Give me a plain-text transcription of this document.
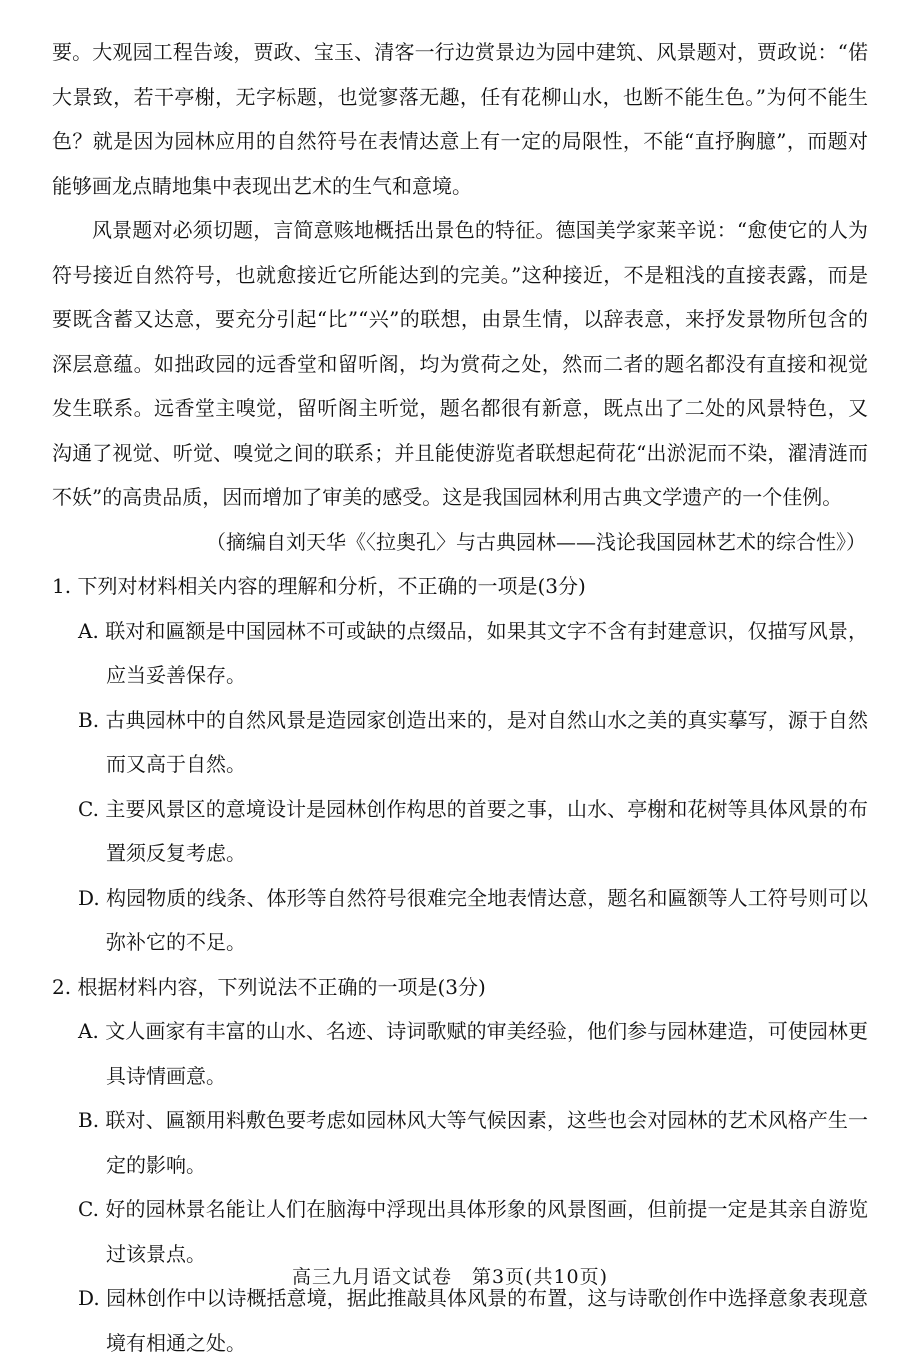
要。大观园工程告竣，贾政、宝玉、清客一行边赏景边为园中建筑、风景题对，贾政说：“偌大景致，若干亭榭，无字标题，也觉寥落无趣，任有花柳山水，也断不能生色。”为何不能生色？就是因为园林应用的自然符号在表情达意上有一定的局限性，不能“直抒胸臆”，而题对能够画龙点睛地集中表现出艺术的生气和意境。

风景题对必须切题，言简意赅地概括出景色的特征。德国美学家莱辛说：“愈使它的人为符号接近自然符号，也就愈接近它所能达到的完美。”这种接近，不是粗浅的直接表露，而是要既含蓄又达意，要充分引起“比”“兴”的联想，由景生情，以辞表意，来抒发景物所包含的深层意蕴。如拙政园的远香堂和留听阁，均为赏荷之处，然而二者的题名都没有直接和视觉发生联系。远香堂主嗅觉，留听阁主听觉，题名都很有新意，既点出了二处的风景特色，又沟通了视觉、听觉、嗅觉之间的联系；并且能使游览者联想起荷花“出淤泥而不染，濯清涟而不妖”的高贵品质，因而增加了审美的感受。这是我国园林利用古典文学遗产的一个佳例。

（摘编自刘天华《〈拉奥孔〉与古典园林——浅论我国园林艺术的综合性》）

1. 下列对材料相关内容的理解和分析，不正确的一项是(3分)

A. 联对和匾额是中国园林不可或缺的点缀品，如果其文字不含有封建意识，仅描写风景，应当妥善保存。

B. 古典园林中的自然风景是造园家创造出来的，是对自然山水之美的真实摹写，源于自然而又高于自然。

C. 主要风景区的意境设计是园林创作构思的首要之事，山水、亭榭和花树等具体风景的布置须反复考虑。

D. 构园物质的线条、体形等自然符号很难完全地表情达意，题名和匾额等人工符号则可以弥补它的不足。

2. 根据材料内容，下列说法不正确的一项是(3分)

A. 文人画家有丰富的山水、名迹、诗词歌赋的审美经验，他们参与园林建造，可使园林更具诗情画意。

B. 联对、匾额用料敷色要考虑如园林风大等气候因素，这些也会对园林的艺术风格产生一定的影响。

C. 好的园林景名能让人们在脑海中浮现出具体形象的风景图画，但前提一定是其亲自游览过该景点。

D. 园林创作中以诗概括意境，据此推敲具体风景的布置，这与诗歌创作中选择意象表现意境有相通之处。

高三九月语文试卷　第3页(共10页)
